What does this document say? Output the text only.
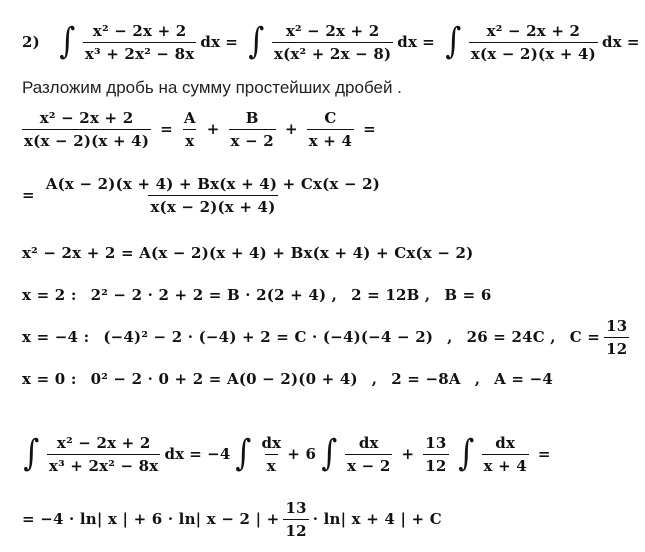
2) ∫ $\frac{\text{x² − 2x + 2}}{\text{x³ + 2x² − 8x}}$ dx = ∫ $\frac{\text{x² − 2x + 2}}{\text{x(x² + 2x − 8)}}$ dx = ∫ $\frac{\text{x² − 2x + 2}}{x(x - 2)(x + 4)}$ dx =
Разложим дробь на сумму простейших дробей .
$\frac{\text{x² − 2x + 2}}{x(x - 2)(x + 4)} = \frac{A}{x} + \frac{B}{x - 2} + \frac{C}{x + 4}$ =
= $\frac{A(x - 2)(x + 4) + Bx(x + 4) + Cx(x - 2)}{x(x - 2)(x + 4)}$
x² − 2x + 2 = A(x − 2)(x + 4) + Bx(x + 4) + Cx(x − 2)
x = 2 : 2² − 2 · 2 + 2 = B · 2(2 + 4) , 2 = 12B , B = 6
x = −4 : (−4)² − 2 · (−4) + 2 = C · (−4)(−4 − 2) , 26 = 24C , $C = \frac{13}{12}$
x = 0 : 0² − 2 · 0 + 2 = A(0 − 2)(0 + 4) , 2 = −8A , A = −4
∫ $\frac{\text{x² − 2x + 2}}{\text{x³ + 2x² − 8x}}$ dx = −4 ∫ $\frac{dx}{x} + 6$ ∫ $\frac{dx}{x - 2} + \frac{13}{12}$ ∫ $\frac{dx}{x + 4}$ =
= −4 · ln| x | + 6 · ln| x − 2 | + $\frac{13}{12} \cdot \ln|$ x + 4 | + C
